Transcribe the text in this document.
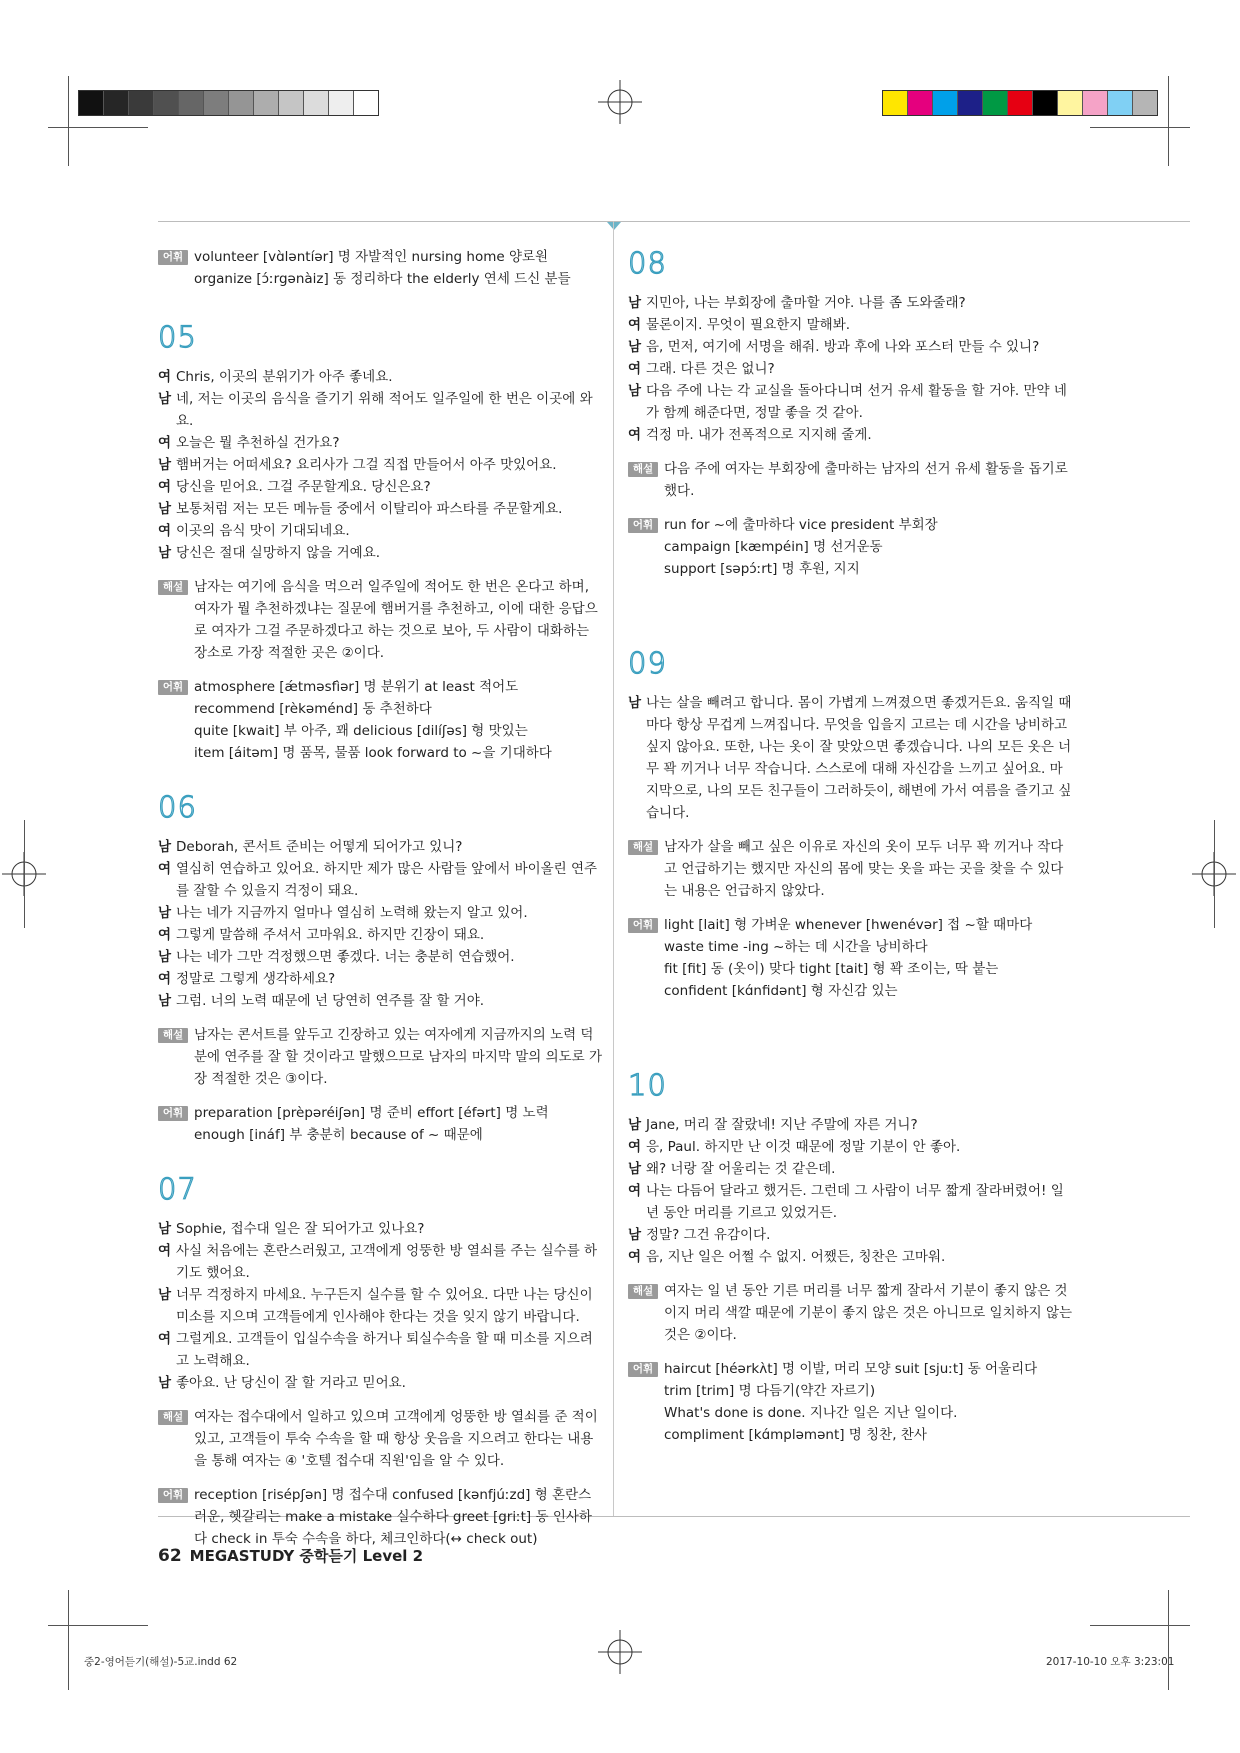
어휘 volunteer [vɑ̀ləntíər] 명 자발적인 nursing home 양로원
organize [ɔ́ːrgənàiz] 동 정리하다 the elderly 연세 드신 분들
05
여 Chris, 이곳의 분위기가 아주 좋네요.
남 네, 저는 이곳의 음식을 즐기기 위해 적어도 일주일에 한 번은 이곳에 와요.
여 오늘은 뭘 추천하실 건가요?
남 햄버거는 어떠세요? 요리사가 그걸 직접 만들어서 아주 맛있어요.
여 당신을 믿어요. 그걸 주문할게요. 당신은요?
남 보통처럼 저는 모든 메뉴들 중에서 이탈리아 파스타를 주문할게요.
여 이곳의 음식 맛이 기대되네요.
남 당신은 절대 실망하지 않을 거예요.
해설 남자는 여기에 음식을 먹으러 일주일에 적어도 한 번은 온다고 하며, 여자가 뭘 추천하겠냐는 질문에 햄버거를 추천하고, 이에 대한 응답으로 여자가 그걸 주문하겠다고 하는 것으로 보아, 두 사람이 대화하는 장소로 가장 적절한 곳은 ②이다.
어휘 atmosphere [ǽtməsfìər] 명 분위기 at least 적어도
recommend [rèkəménd] 동 추천하다
quite [kwait] 부 아주, 꽤 delicious [dilíʃəs] 형 맛있는
item [áitəm] 명 품목, 물품 look forward to ~을 기대하다
06
남 Deborah, 콘서트 준비는 어떻게 되어가고 있니?
여 열심히 연습하고 있어요. 하지만 제가 많은 사람들 앞에서 바이올린 연주를 잘할 수 있을지 걱정이 돼요.
남 나는 네가 지금까지 얼마나 열심히 노력해 왔는지 알고 있어.
여 그렇게 말씀해 주셔서 고마워요. 하지만 긴장이 돼요.
남 나는 네가 그만 걱정했으면 좋겠다. 너는 충분히 연습했어.
여 정말로 그렇게 생각하세요?
남 그럼. 너의 노력 때문에 넌 당연히 연주를 잘 할 거야.
해설 남자는 콘서트를 앞두고 긴장하고 있는 여자에게 지금까지의 노력 덕분에 연주를 잘 할 것이라고 말했으므로 남자의 마지막 말의 의도로 가장 적절한 것은 ③이다.
어휘 preparation [prèpəréiʃən] 명 준비 effort [éfərt] 명 노력
enough [ináf] 부 충분히 because of ~ 때문에
07
남 Sophie, 접수대 일은 잘 되어가고 있나요?
여 사실 처음에는 혼란스러웠고, 고객에게 엉뚱한 방 열쇠를 주는 실수를 하기도 했어요.
남 너무 걱정하지 마세요. 누구든지 실수를 할 수 있어요. 다만 나는 당신이 미소를 지으며 고객들에게 인사해야 한다는 것을 잊지 않기 바랍니다.
여 그럴게요. 고객들이 입실수속을 하거나 퇴실수속을 할 때 미소를 지으려고 노력해요.
남 좋아요. 난 당신이 잘 할 거라고 믿어요.
해설 여자는 접수대에서 일하고 있으며 고객에게 엉뚱한 방 열쇠를 준 적이 있고, 고객들이 투숙 수속을 할 때 항상 웃음을 지으려고 한다는 내용을 통해 여자는 ④ '호텔 접수대 직원'임을 알 수 있다.
어휘 reception [risépʃən] 명 접수대 confused [kənfjúːzd] 형 혼란스러운, 헷갈리는 make a mistake 실수하다 greet [griːt] 동 인사하다 check in 투숙 수속을 하다, 체크인하다(↔ check out)
08
남 지민아, 나는 부회장에 출마할 거야. 나를 좀 도와줄래?
여 물론이지. 무엇이 필요한지 말해봐.
남 음, 먼저, 여기에 서명을 해줘. 방과 후에 나와 포스터 만들 수 있니?
여 그래. 다른 것은 없니?
남 다음 주에 나는 각 교실을 돌아다니며 선거 유세 활동을 할 거야. 만약 네가 함께 해준다면, 정말 좋을 것 같아.
여 걱정 마. 내가 전폭적으로 지지해 줄게.
해설 다음 주에 여자는 부회장에 출마하는 남자의 선거 유세 활동을 돕기로 했다.
어휘 run for ~에 출마하다 vice president 부회장
campaign [kæmpéin] 명 선거운동
support [səpɔ́ːrt] 명 후원, 지지
09
남 나는 살을 빼려고 합니다. 몸이 가볍게 느껴졌으면 좋겠거든요. 움직일 때마다 항상 무겁게 느껴집니다. 무엇을 입을지 고르는 데 시간을 낭비하고 싶지 않아요. 또한, 나는 옷이 잘 맞았으면 좋겠습니다. 나의 모든 옷은 너무 꽉 끼거나 너무 작습니다. 스스로에 대해 자신감을 느끼고 싶어요. 마지막으로, 나의 모든 친구들이 그러하듯이, 해변에 가서 여름을 즐기고 싶습니다.
해설 남자가 살을 빼고 싶은 이유로 자신의 옷이 모두 너무 꽉 끼거나 작다고 언급하기는 했지만 자신의 몸에 맞는 옷을 파는 곳을 찾을 수 있다는 내용은 언급하지 않았다.
어휘 light [lait] 형 가벼운 whenever [hwenévər] 접 ~할 때마다
waste time -ing ~하는 데 시간을 낭비하다
fit [fit] 동 (옷이) 맞다 tight [tait] 형 꽉 조이는, 딱 붙는
confident [kɑ́nfidənt] 형 자신감 있는
10
남 Jane, 머리 잘 잘랐네! 지난 주말에 자른 거니?
여 응, Paul. 하지만 난 이것 때문에 정말 기분이 안 좋아.
남 왜? 너랑 잘 어울리는 것 같은데.
여 나는 다듬어 달라고 했거든. 그런데 그 사람이 너무 짧게 잘라버렸어! 일 년 동안 머리를 기르고 있었거든.
남 정말? 그건 유감이다.
여 음, 지난 일은 어쩔 수 없지. 어쨌든, 칭찬은 고마워.
해설 여자는 일 년 동안 기른 머리를 너무 짧게 잘라서 기분이 좋지 않은 것이지 머리 색깔 때문에 기분이 좋지 않은 것은 아니므로 일치하지 않는 것은 ②이다.
어휘 haircut [héərkʌ̀t] 명 이발, 머리 모양 suit [sjuːt] 동 어울리다
trim [trim] 명 다듬기(약간 자르기)
What's done is done. 지나간 일은 지난 일이다.
compliment [kɑ́mpləmənt] 명 칭찬, 찬사
62 MEGASTUDY 중학듣기 Level 2
중2-영어듣기(해설)-5교.indd 62	2017-10-10 오후 3:23:01
